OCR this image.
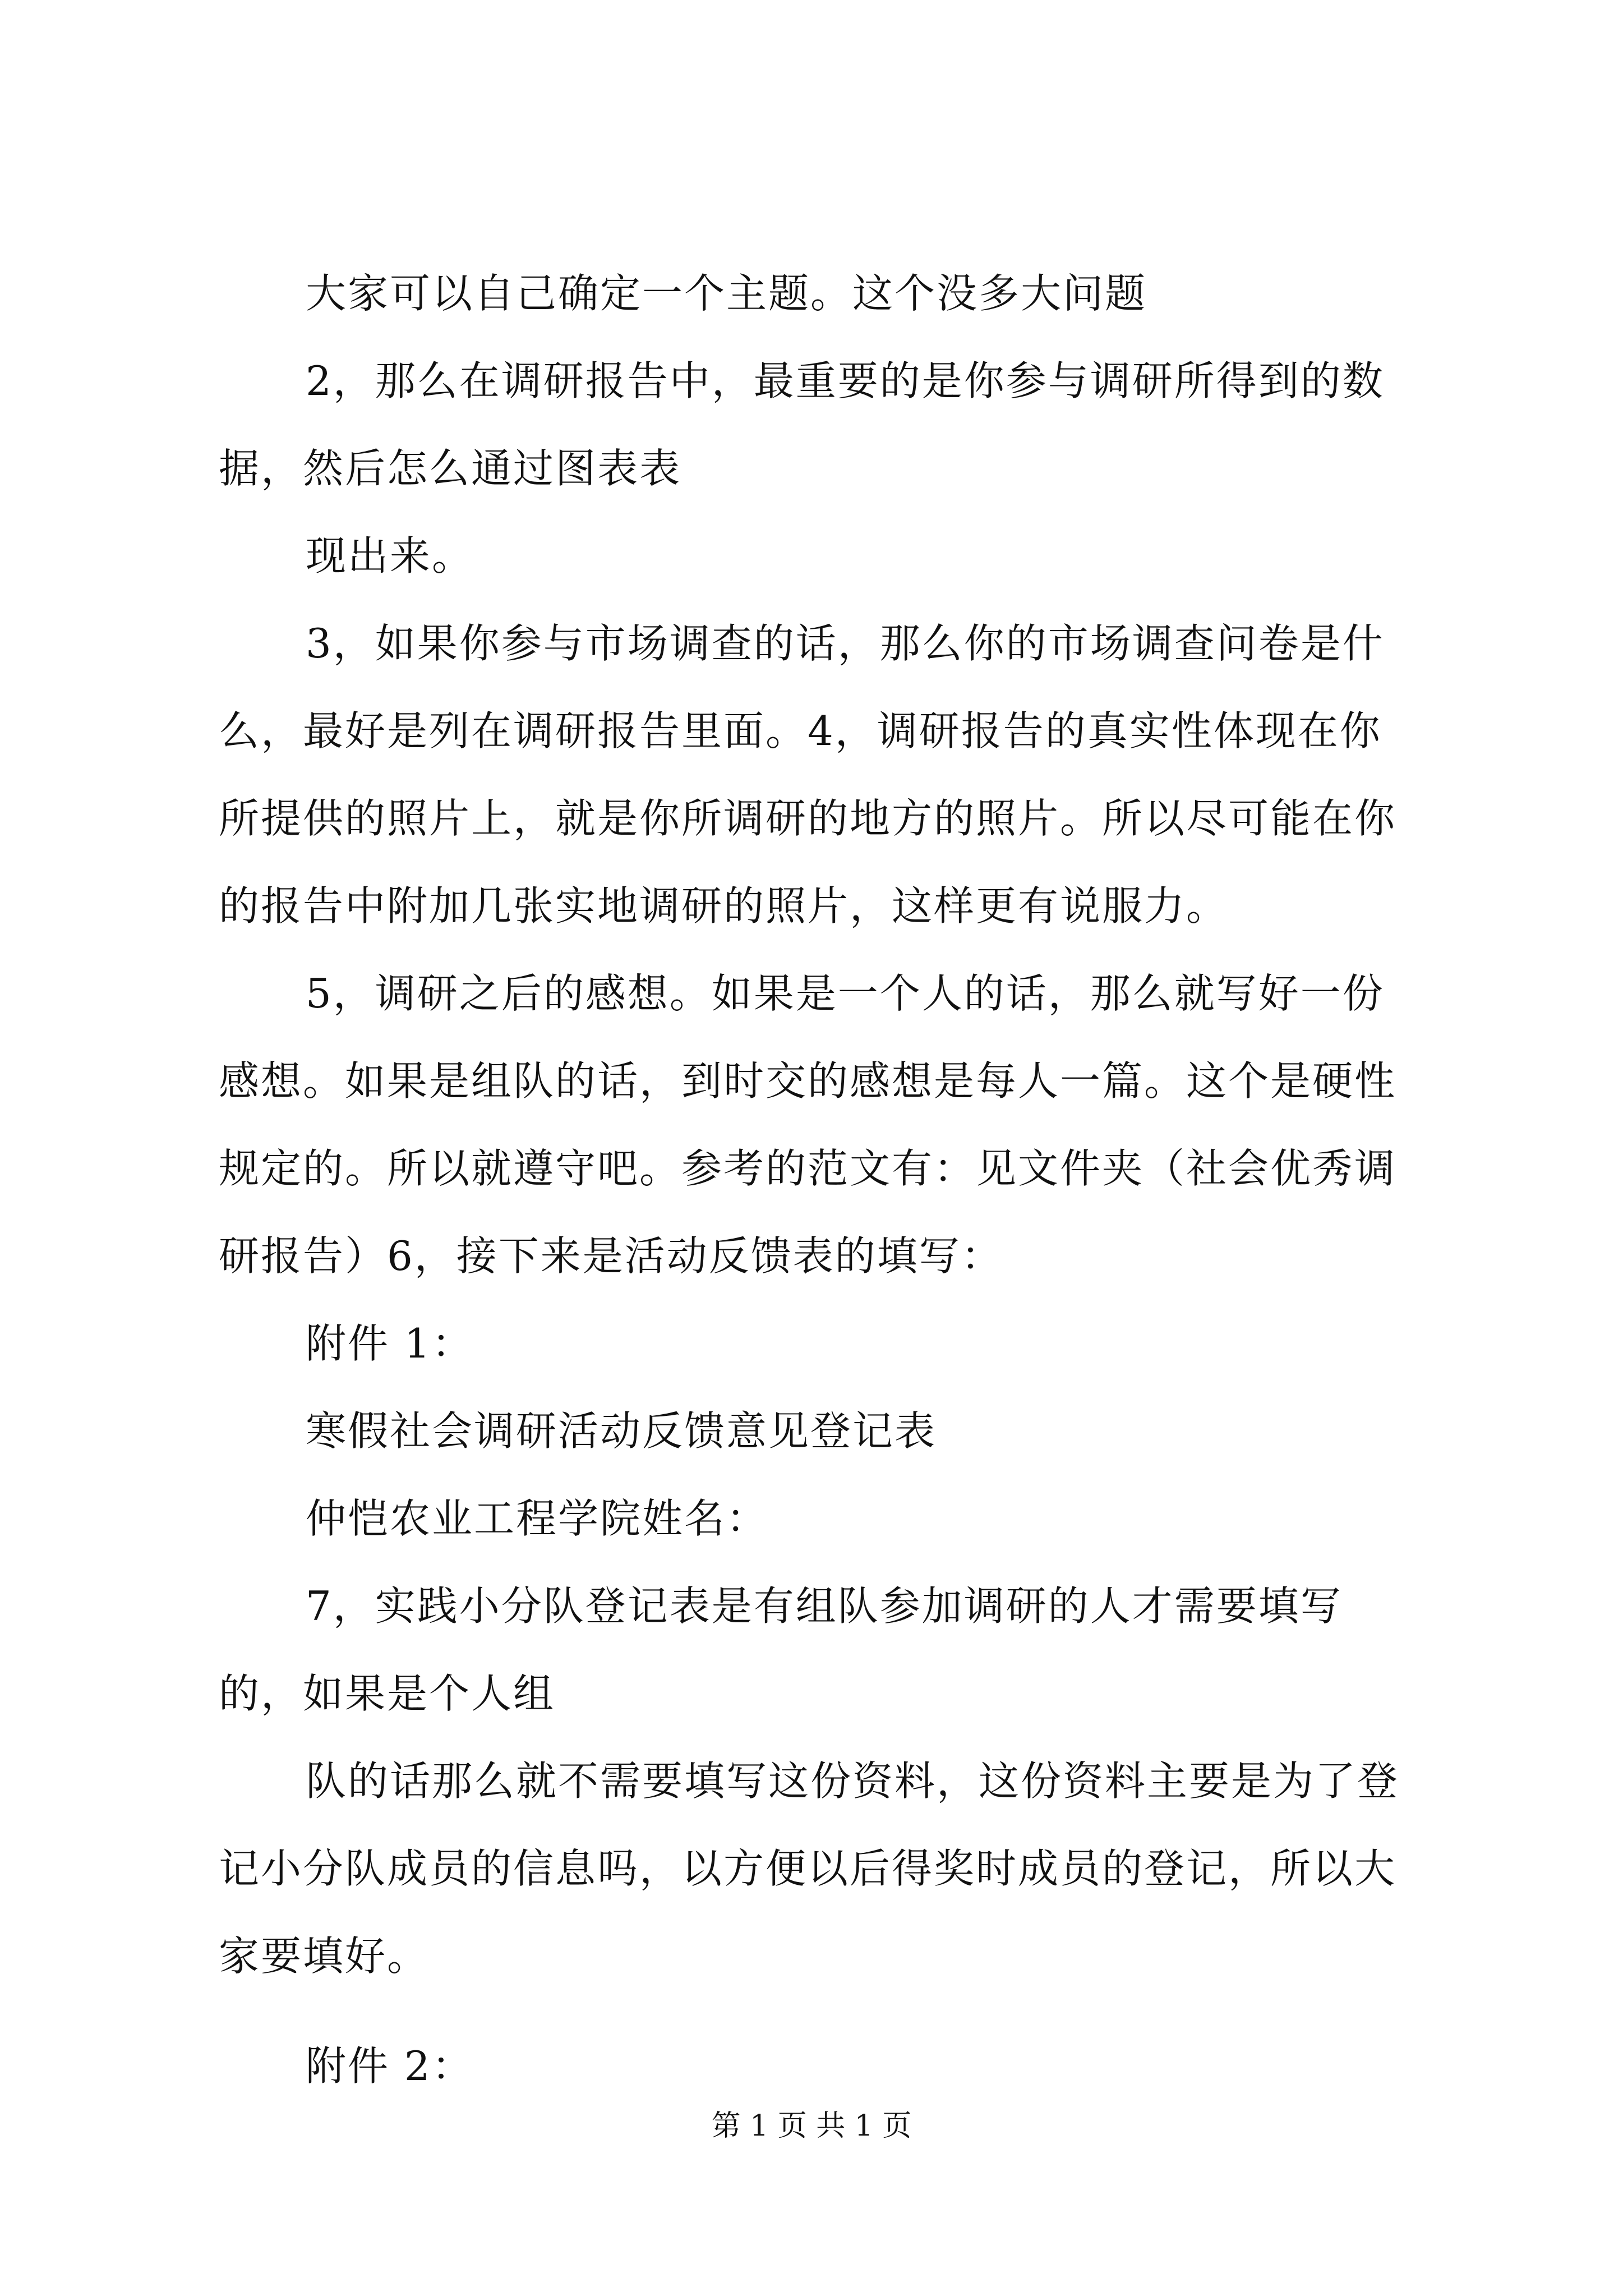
大家可以自己确定一个主题。这个没多大问题

2，那么在调研报告中，最重要的是你参与调研所得到的数据，然后怎么通过图表表

现出来。

3，如果你参与市场调查的话，那么你的市场调查问卷是什么，最好是列在调研报告里面。4，调研报告的真实性体现在你所提供的照片上，就是你所调研的地方的照片。所以尽可能在你的报告中附加几张实地调研的照片，这样更有说服力。

5，调研之后的感想。如果是一个人的话，那么就写好一份感想。如果是组队的话，到时交的感想是每人一篇。这个是硬性规定的。所以就遵守吧。参考的范文有：见文件夹（社会优秀调研报告）6，接下来是活动反馈表的填写：

附件 1：

寒假社会调研活动反馈意见登记表

仲恺农业工程学院姓名：

7，实践小分队登记表是有组队参加调研的人才需要填写的，如果是个人组

队的话那么就不需要填写这份资料，这份资料主要是为了登记小分队成员的信息吗，以方便以后得奖时成员的登记，所以大家要填好。

附件 2：

第 1 页 共 1 页
